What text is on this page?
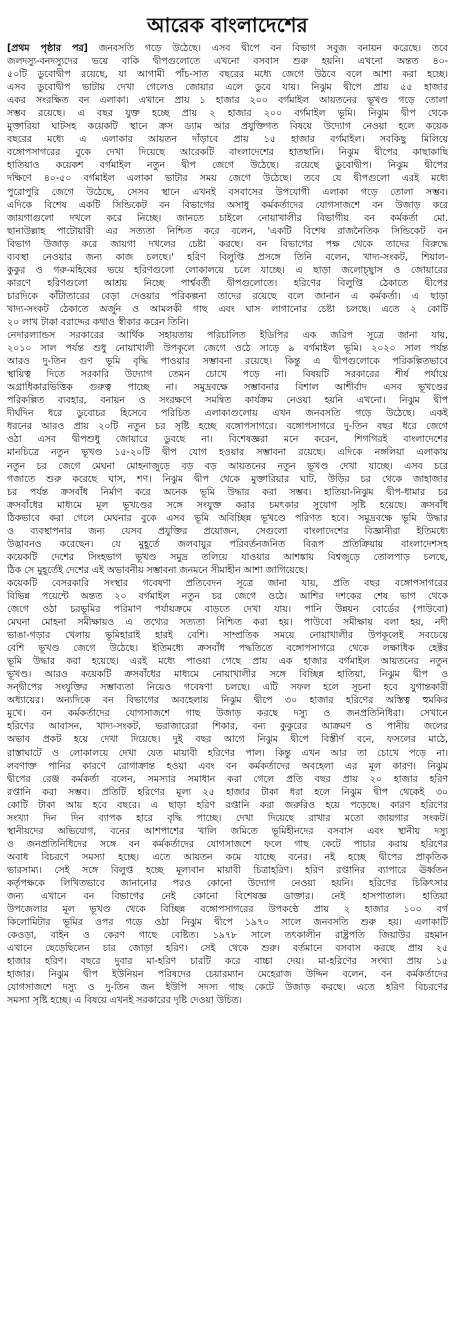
আরেক বাংলাদেশের
[প্রথম পৃষ্ঠার পর] জনবসতি গড়ে উঠেছে। এসব দ্বীপে বন বিভাগ সবুজ বনায়ন করেছে। তবে
জলদস্যু-বনদস্যুদের ভয়ে বাকি দ্বীপগুলোতে এখনো বসবাস শুরু হয়নি। এখনো অন্তত ৪০-
৫০টি ডুবোদ্বীপ রয়েছে, যা আগামী পাঁচ-সাত বছরের মধ্যে জেগে উঠবে বলে আশা করা হচ্ছে।
এসব ডুবোদ্বীপ ভাটায় দেখা গেলেও জোয়ার এলে ডুবে যায়। নিঝুম দ্বীপে প্রায় ৫৫ হাজার
একর সংরক্ষিত বন এলাকা। এখানে প্রায় ১ হাজার ২০০ বর্গমাইল আয়তনের ভূখণ্ড গড়ে তোলা
সম্ভব রয়েছে। এ বছর যুক্ত হচ্ছে প্রায় ২ হাজার ২০০ বর্গমাইল ভূমি। নিঝুম দ্বীপ থেকে
মুক্তারিয়া ঘাটসহ কয়েকটি স্থানে ক্রস ড্যাম আর প্রযুক্তিগত বিষয়ে উদ্যোগ নেওয়া হলে কয়েক
বছরের মধ্যে এ এলাকার আয়তন দাঁড়াবে প্রায় ১৫ হাজার বর্গমাইল। সবকিছু মিলিয়ে
বঙ্গোপসাগরের বুকে দেখা দিয়েছে আরেকটি বাংলাদেশের হাতছানি। নিঝুম দ্বীপের কাছাকাছি
হাতিয়াও কয়েকশ বর্গমাইল নতুন দ্বীপ জেগে উঠেছে। রয়েছে ডুবোদ্বীপ। নিঝুম দ্বীপের
দক্ষিণে ৪০-৫০ বর্গমাইল এলাকা ভাটার সময় জেগে উঠেছে। তবে যে দ্বীপগুলো এরই মধ্যে
পুরোপুরি জেগে উঠেছে, সেসব স্থানে এখনই বসবাসের উপযোগী এলাকা গড়ে তোলা সম্ভব।
এদিকে বিশেষ একটি সিন্ডিকেট বন বিভাগের অসাধু কর্মকর্তাদের যোগসাজশে বন উজাড় করে
জায়গাগুলো দখলে করে নিচ্ছে। জানতে চাইলে নোয়াখালীর বিভাগীয় বন কর্মকর্তা মো.
ছানাউল্লাহ পাটোয়ারী এর সত্যতা নিশ্চিত করে বলেন, 'একটি বিশেষ রাজনৈতিক সিন্ডিকেট বন
বিভাগ উজাড় করে জায়গা দখলের চেষ্টা করছে। বন বিভাগের পক্ষ থেকে তাদের বিরুদ্ধে
ব্যবস্থা নেওয়ার জন্য কাজ চলছে।' হরিণ বিলুপ্তি প্রসঙ্গে তিনি বলেন, খাদ্য-সংকট, শিয়াল-
কুকুর ও গরু-মহিষের ভয়ে হরিণগুলো লোকালয়ে চলে যাচ্ছে। এ ছাড়া জলোচ্ছ্বাস ও জোয়ারের
কারণে হরিণগুলো আশ্রয় নিচ্ছে পার্শ্ববর্তী দ্বীপগুলোতে। হরিণের বিলুপ্তি ঠেকাতে দ্বীপের
চারদিকে কাঁটাতারের বেড়া দেওয়ার পরিকল্পনা তাদের রয়েছে বলে জানান এ কর্মকর্তা। এ ছাড়া
খাদ্য-সংকট ঠেকাতে অর্জুন ও আমলকী গাছ এবং ঘাস লাগানোর চেষ্টা চলছে। এতে ২ কোটি
২০ লাখ টাকা বরাদ্দের কথাও স্বীকার করেন তিনি।
নেদারল্যান্ডস সরকারের আর্থিক সহায়তায় পরিচালিত ইডিপির এক জরিপ সূত্রে জানা যায়,
২০১০ সাল পর্যন্ত শুধু নোয়াখালী উপকূলে জেগে ওঠে সাড়ে ৯ বর্গমাইল ভূমি। ২০২০ সাল পর্যন্ত
আরও দু-তিন গুণ ভূমি বৃদ্ধি পাওয়ার সম্ভাবনা রয়েছে। কিন্তু এ দ্বীপগুলোকে পরিকল্পিতভাবে
স্থায়িত্ব দিতে সরকারি উদ্যোগ তেমন চোখে পড়ে না। বিষয়টি সরকারের শীর্ষ পর্যায়ে
অগ্রাধিকারভিত্তিক গুরুত্ব পাচ্ছে না। সমুদ্রবক্ষে সম্ভাবনার বিশাল আশীর্বাদ এসব ভূখণ্ডের
পরিকল্পিত ব্যবহার, বনায়ন ও সংরক্ষণে সমন্বিত কার্যক্রম নেওয়া হয়নি এখনো। নিঝুম দ্বীপ
দীর্ঘদিন ধরে ডুবোচর হিসেবে পরিচিত এলাকাগুলোয় এখন জনবসতি গড়ে উঠেছে। একই
ধরনের আরও প্রায় ২০টি নতুন চর সৃষ্টি হচ্ছে বঙ্গোপসাগরে। বঙ্গোপসাগরে দু-তিন বছর ধরে জেগে
ওঠা এসব দ্বীপশুধু জোয়ারে ডুবছে না। বিশেষজ্ঞরা মনে করেন, শিগগিরই বাংলাদেশের
মানচিত্রে নতুন ভূখণ্ড ১৫-২০টি দ্বীপ যোগ হওয়ার সম্ভাবনা রয়েছে। এদিকে নঙ্গলিয়া এলাকায়
নতুন চর জেগে মেঘনা মোহনাজুড়ে বড় বড় আয়তনের নতুন ভূখণ্ড দেখা যাচ্ছে। এসব চরে
গজাতে শুরু করেছে ঘাস, শণ। নিঝুম দ্বীপ থেকে মুক্তারিয়ার ঘাট, উড়ির চর থেকে জাহাজার
চর পর্যন্ত ক্রসবাঁধ নির্মাণ করে অনেক ভূমি উদ্ধার করা সম্ভব। হাতিয়া-নিঝুম দ্বীপ-ধামার চর
ক্রসবাঁধের মাধ্যমে মূল ভূখণ্ডের সঙ্গে সংযুক্ত করার চমৎকার সুযোগ সৃষ্টি হয়েছে। ক্রসবাঁধ
ঠিকভাবে করা গেলে মেঘনার বুকে এসব ভূমি অবিচ্ছিন্ন ভূখণ্ডে পরিণত হবে। সমুদ্রবক্ষে ভূমি উদ্ধার
ও ব্যবস্থাপনার জন্য যেসব প্রযুক্তির প্রয়োজন, সেগুলো বাংলাদেশের বিজ্ঞানীরা ইতিমধ্যে
উদ্ভাবনও করেছেন। যে মুহূর্তে জলবায়ুর পরিবর্তনজনিত বিরূপ প্রতিক্রিয়ায় বাংলাদেশসহ
কয়েকটি দেশের সিংহভাগ ভূখণ্ড সমুদ্র তলিয়ে যাওয়ার আশঙ্কায় বিশ্বজুড়ে তোলপাড় চলছে,
ঠিক সে মুহূর্তেই দেশের এই অভাবনীয় সম্ভাবনা জনমনে সীমাহীন আশা জাগিয়েছে।
কয়েকটি বেসরকারি সংস্থার গবেষণা প্রতিবেদন সূত্রে জানা যায়, প্রতি বছর বঙ্গোপসাগরের
বিভিন্ন পয়েন্টে অন্তত ২০ বর্গমাইল নতুন চর জেগে ওঠে। আশির দশকের শেষ ভাগ থেকে
জেগে ওঠা চরভূমির পরিমাণ পর্যায়ক্রমে বাড়তে দেখা যায়। পানি উন্নয়ন বোর্ডের (পাউবো)
মেঘনা মোহনা সমীক্ষায়ও এ তথ্যের সত্যতা নিশ্চিত করা হয়। পাউবো সমীক্ষায় বলা হয়, নদী
ভাঙা-গড়ার খেলায় ভূমিহারাই হারই বেশি। সাম্প্রতিক সময়ে নোয়াখালীর উপকূলেই সবচেয়ে
বেশি ভূখণ্ড জেগে উঠেছে। ইতিমধ্যে ক্রসবাঁধ পদ্ধতিতে বঙ্গোপসাগরে থেকে লক্ষাধিক হেক্টর
ভূমি উদ্ধার করা হয়েছে। এরই মধ্যে পাওয়া গেছে প্রায় এক হাজার বর্গমাইল আয়তনের নতুন
ভূখণ্ড। আরও কয়েকটি ক্রসবাঁধের মাধ্যমে নোয়াখালীর সঙ্গে বিচ্ছিন্ন হাতিয়া, নিঝুম দ্বীপ ও
সন্দ্বীপের সংযুক্তির সম্ভাব্যতা নিয়েও গবেষণা চলছে। এটি সফল হলে সূচনা হবে যুগান্তকারী
অধ্যায়ের। অন্যদিকে বন বিভাগের অবহেলায় নিঝুম দ্বীপে ৩০ হাজার হরিণের অস্তিত্ব হুমকির
মুখে। বন কর্মকর্তাদের যোগসাজশে গাছ উজাড় করছে দস্যু ও জনপ্রতিনিধিরা। সেখানে
হরিণের আবাসন, খাদ্য-সংকট, ভরাজারেরা শিকার, বন্য কুকুরের আক্রমণ ও পানীয় জলের
অভাব প্রকট হয়ে দেখা দিয়েছে। দুই বছর আগে নিঝুম দ্বীপে বিস্তীর্ণ বনে, ফসলের মাঠে,
রাস্তাঘাটে ও লোকালয়ে দেখা যেত মায়াবী হরিণের পাল। কিন্তু এখন আর তা চোখে পড়ে না।
লবণাক্ত পানির কারণে রোগাক্রান্ত হওয়া এবং বন কর্মকর্তাদের অবহেলা এর মূল কারণ। নিঝুম
দ্বীপের রেঞ্জ কর্মকর্তা বলেন, সমস্যার সমাধান করা গেলে প্রতি বছর প্রায় ২০ হাজার হরিণ
রপ্তানি করা সম্ভব। প্রতিটি হরিণের মূল্য ২৫ হাজার টাকা ধরা হলে নিঝুম দ্বীপ থেকেই ৩০
কোটি টাকা আয় হবে বছরে। এ ছাড়া হরিণ রপ্তানি করা জরুরিও হয়ে পড়েছে। কারণ হরিণের
সংখ্যা দিন দিন ব্যাপক হারে বৃদ্ধি পাচ্ছে। দেখা দিয়েছে রাখার মতো জায়গার সংকট।
স্থানীয়দের অভিযোগ, বনের আশপাশের খালি জমিতে ভূমিহীনদের বসবাস এবং স্থানীয় দস্যু
ও জনপ্রতিনিধিদের সঙ্গে বন কর্মকর্তাদের যোগসাজশে ফলে গাছ কেটে পাচার করায় হরিণের
অবাধ বিচরণে সমস্যা হচ্ছে। এতে আয়তন কমে যাচ্ছে বনের। নই হচ্ছে দ্বীপের প্রাকৃতিক
ভারসাম্য। সেই সঙ্গে বিলুপ্ত হচ্ছে মূল্যবান মায়াবী চিত্রাহরিণ। হরিণ রপ্তানির ব্যাপারে ঊর্ধ্বতন
কর্তৃপক্ষকে লিখিতভাবে জানানোর পরও কোনো উদ্যোগ নেওয়া হয়নি। হরিণের চিকিৎসার
জন্য এখানে বন বিভাগের নেই কোনো বিশেষজ্ঞ ডাক্তার। নেই হাসপাতাল। হাতিয়া
উপজেলার মূল ভূখণ্ড থেকে বিচ্ছিন্ন বঙ্গোপসাগরের উপকণ্ঠে প্রায় ২ হাজার ১০০ বর্গ
কিলোমিটার ভূমির ওপর গড়ে ওঠা নিঝুম দ্বীপে ১৯৭০ সালে জনবসতি শুরু হয়। এলাকাটি
কেওড়া, বাইন ও কেরণ গাছে বেষ্টিত। ১৯৭৮ সালে তৎকালীন রাষ্ট্রপতি জিয়াউর রহমান
এখানে ছেড়েছিলেন চার জোড়া হরিণ। সেই থেকে শুরু। বর্তমানে বসবাস করছে প্রায় ২৫
হাজার হরিণ। বছরে দুবার মা-হরিণ চারটি করে বাচ্চা দেয়। মা-হরিণের সংখ্যা প্রায় ১৫
হাজার। নিঝুম দ্বীপ ইউনিয়ন পরিষদের চেয়ারম্যান মেহেরাজ উদ্দিন বলেন, বন কর্মকর্তাদের
যোগসাজশে দস্যু ও দু-তিন জন ইউপি সদস্য গাছ কেটে উজাড় করছে। এতে হরিণ বিচরণের
সমস্যা সৃষ্টি হচ্ছে। এ বিষয়ে এখনই সরকারের দৃষ্টি দেওয়া উচিত।
